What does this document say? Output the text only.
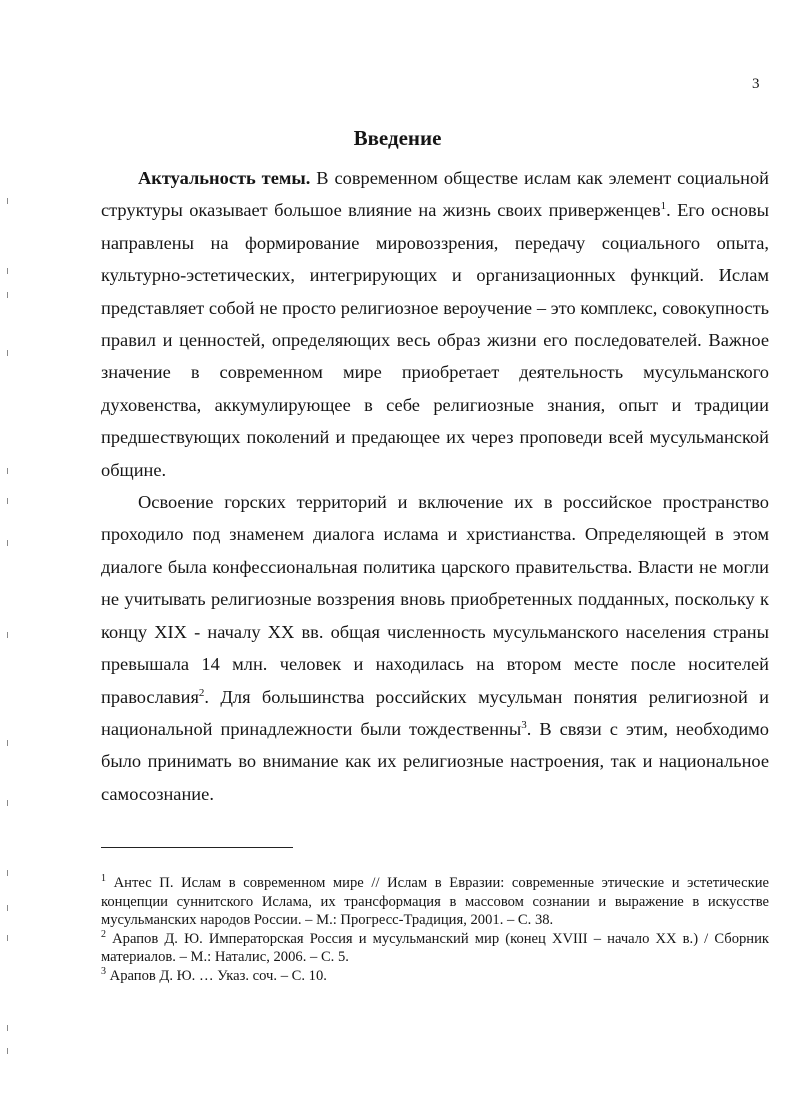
3
Введение

Актуальность темы. В современном обществе ислам как элемент социальной структуры оказывает большое влияние на жизнь своих приверженцев$^1$. Его основы направлены на формирование мировоззрения, передачу социального опыта, культурно-эстетических, интегрирующих и организационных функций. Ислам представляет собой не просто религиозное вероучение – это комплекс, совокупность правил и ценностей, определяющих весь образ жизни его последователей. Важное значение в современном мире приобретает деятельность мусульманского духовенства, аккумулирующее в себе религиозные знания, опыт и традиции предшествующих поколений и предающее их через проповеди всей мусульманской общине.

Освоение горских территорий и включение их в российское пространство проходило под знаменем диалога ислама и христианства. Определяющей в этом диалоге была конфессиональная политика царского правительства. Власти не могли не учитывать религиозные воззрения вновь приобретенных подданных, поскольку к концу XIX - началу XX вв. общая численность мусульманского населения страны превышала 14 млн. человек и находилась на втором месте после носителей православия$^2$. Для большинства российских мусульман понятия религиозной и национальной принадлежности были тождественны$^3$. В связи с этим, необходимо было принимать во внимание как их религиозные настроения, так и национальное самосознание.

$^1$ Антес П. Ислам в современном мире // Ислам в Евразии: современные этические и эстетические концепции суннитского Ислама, их трансформация в массовом сознании и выражение в искусстве мусульманских народов России. – М.: Прогресс-Традиция, 2001. – С. 38.

$^2$ Арапов Д. Ю. Императорская Россия и мусульманский мир (конец XVIII – начало XX в.) / Сборник материалов. – М.: Наталис, 2006. – С. 5.

$^3$ Арапов Д. Ю. … Указ. соч. – С. 10.
